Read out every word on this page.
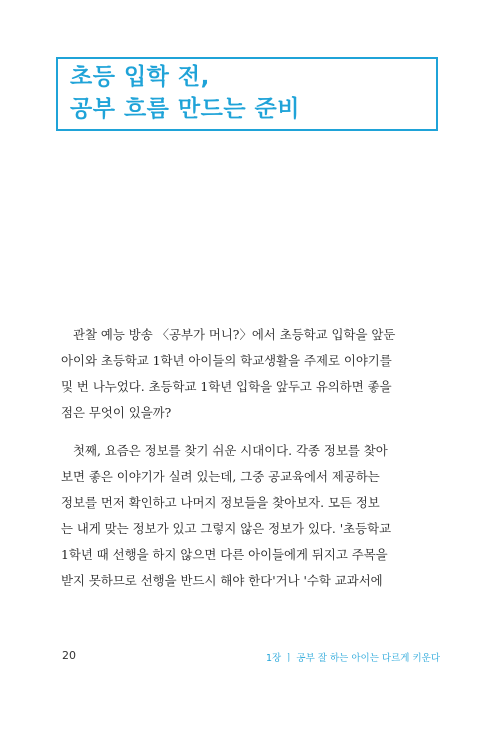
초등 입학 전,
공부 흐름 만드는 준비
관찰 예능 방송 〈공부가 머니?〉에서 초등학교 입학을 앞둔
아이와 초등학교 1학년 아이들의 학교생활을 주제로 이야기를
및 번 나누었다. 초등학교 1학년 입학을 앞두고 유의하면 좋을
점은 무엇이 있을까?
첫째, 요즘은 정보를 찾기 쉬운 시대이다. 각종 정보를 찾아
보면 좋은 이야기가 실려 있는데, 그중 공교육에서 제공하는
정보를 먼저 확인하고 나머지 정보들을 찾아보자. 모든 정보
는 내게 맞는 정보가 있고 그렇지 않은 정보가 있다. '초등학교
1학년 때 선행을 하지 않으면 다른 아이들에게 뒤지고 주목을
받지 못하므로 선행을 반드시 해야 한다'거나 '수학 교과서에
20	1장 ㅣ 공부 잘 하는 아이는 다르게 키운다
